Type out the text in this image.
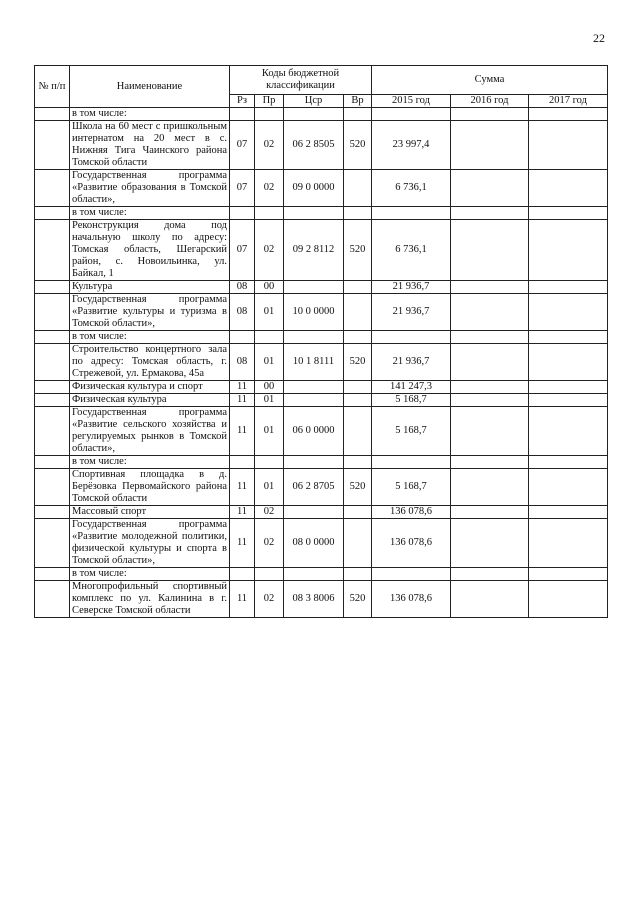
22
№ п/п	Наименование	Коды бюджетной классификации				Сумма		
		Рз	Пр	Цср	Вр	2015 год	2016 год	2017 год
	в том числе:							
	Школа на 60 мест с пришкольным интернатом на 20 мест в с. Нижняя Тига Чаинского района Томской области	07	02	06 2 8505	520	23 997,4		
	Государственная программа «Развитие образования в Томской области»,	07	02	09 0 0000		6 736,1		
	в том числе:							
	Реконструкция дома под начальную школу по адресу: Томская область, Шегарский район, с. Новоильинка, ул. Байкал, 1	07	02	09 2 8112	520	6 736,1		
	Культура	08	00			21 936,7		
	Государственная программа «Развитие культуры и туризма в Томской области»,	08	01	10 0 0000		21 936,7		
	в том числе:							
	Строительство концертного зала по адресу: Томская область, г. Стрежевой, ул. Ермакова, 45а	08	01	10 1 8111	520	21 936,7		
	Физическая культура и спорт	11	00			141 247,3		
	Физическая культура	11	01			5 168,7		
	Государственная программа «Развитие сельского хозяйства и регулируемых рынков в Томской области»,	11	01	06 0 0000		5 168,7		
	в том числе:							
	Спортивная площадка в д. Берёзовка Первомайского района Томской области	11	01	06 2 8705	520	5 168,7		
	Массовый спорт	11	02			136 078,6		
	Государственная программа «Развитие молодежной политики, физической культуры и спорта в Томской области»,	11	02	08 0 0000		136 078,6		
	в том числе:							
	Многопрофильный спортивный комплекс по ул. Калинина в г. Северске Томской области	11	02	08 3 8006	520	136 078,6		
